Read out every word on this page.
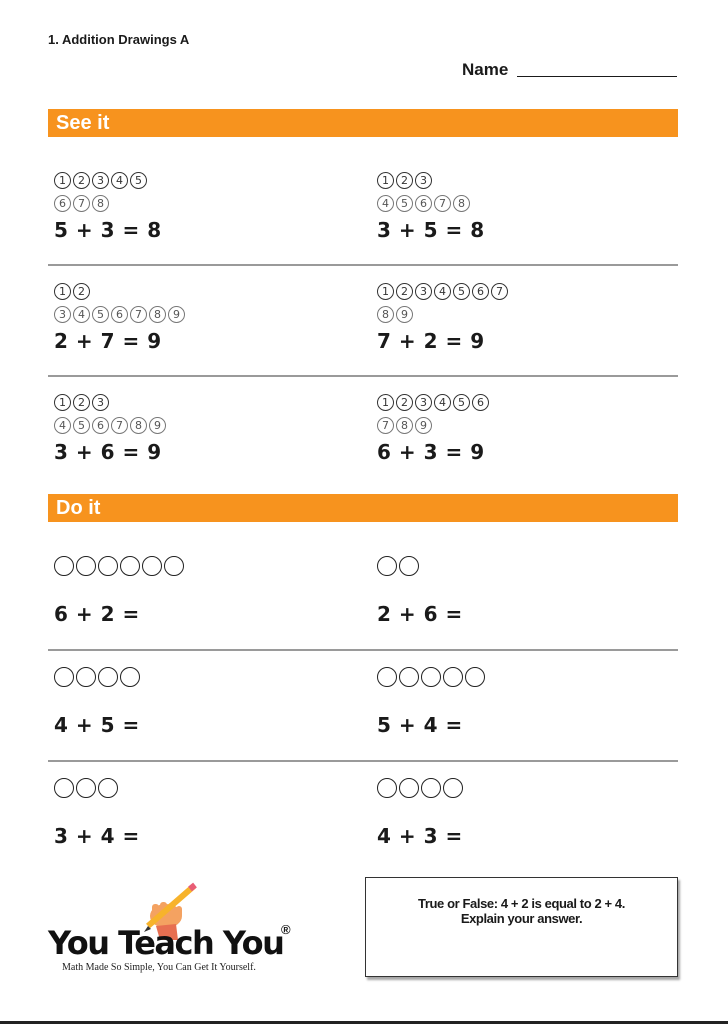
1. Addition Drawings A
Name
See it
1	2	3	4	5
6	7	8
5 + 3 = 8
1	2	3
4	5	6	7	8
3 + 5 = 8
1	2
3	4	5	6	7	8	9
2 + 7 = 9
1	2	3	4	5	6	7
8	9
7 + 2 = 9
1	2	3
4	5	6	7	8	9
3 + 6 = 9
1	2	3	4	5	6
7	8	9
6 + 3 = 9
Do it
6 + 2 =	2 + 6 =
4 + 5 =	5 + 4 =
3 + 4 =	4 + 3 =
You Teach You
®
Math Made So Simple, You Can Get It Yourself.
True or False: 4 + 2 is equal to 2 + 4.
Explain your answer.
